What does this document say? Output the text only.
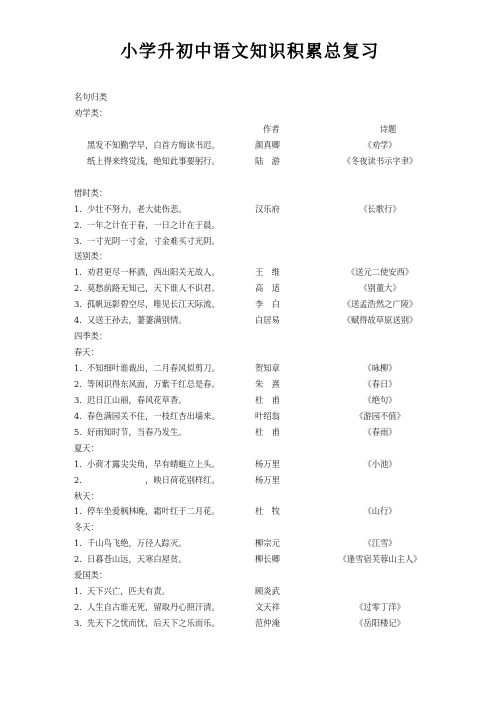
小学升初中语文知识积累总复习
名句归类
劝学类：
作者	诗题
黑发不知勤学早，白首方悔读书迟。	颜真卿	《劝学》
纸上得来终觉浅，绝知此事要躬行。	陆　游	《冬夜读书示字聿》
惜时类：
1. 少壮不努力，老大徒伤悲。	汉乐府	《长歌行》
2. 一年之计在于春，一日之计在于晨。
3. 一寸光阴一寸金，寸金难买寸光阴。
送别类：
1. 劝君更尽一杯酒，西出阳关无故人。	王　维	《送元二使安西》
2. 莫愁前路无知己，天下谁人不识君。	高　适	《别董大》
3. 孤帆远影碧空尽，唯见长江天际流。	李　白	《送孟浩然之广陵》
4. 又送王孙去，萋萋满别情。	白居易	《赋得故草原送别》
四季类：
春天：
1. 不知细叶谁裁出，二月春风似剪刀。	贺知章	《咏柳》
2. 等闲识得东风面，万紫千红总是春。	朱　熹	《春日》
3. 迟日江山丽，春风花草香。	杜　甫	《绝句》
4. 春色满园关不住，一枝红杏出墙来。	叶绍翁	《游园不值》
5. 好雨知时节，当春乃发生。	杜　甫	《春雨》
夏天：
1. 小荷才露尖尖角，早有蜻蜓立上头。	杨万里	《小池》
2. 　　　　　　　，映日荷花别样红。	杨万里
秋天：
1. 停车坐爱枫林晚，霜叶红于二月花。	杜　牧	《山行》
冬天：
1. 千山鸟飞绝，万径人踪灭。	柳宗元	《江雪》
2. 日暮苍山远，天寒白屋贫。	柳长卿	《逢雪宿芙蓉山主人》
爱国类：
1. 天下兴亡，匹夫有责。	顾炎武
2. 人生自古谁无死，留取丹心照汗清。	文天祥	《过零丁洋》
3. 先天下之忧而忧，后天下之乐而乐。	范仲淹	《岳阳楼记》
